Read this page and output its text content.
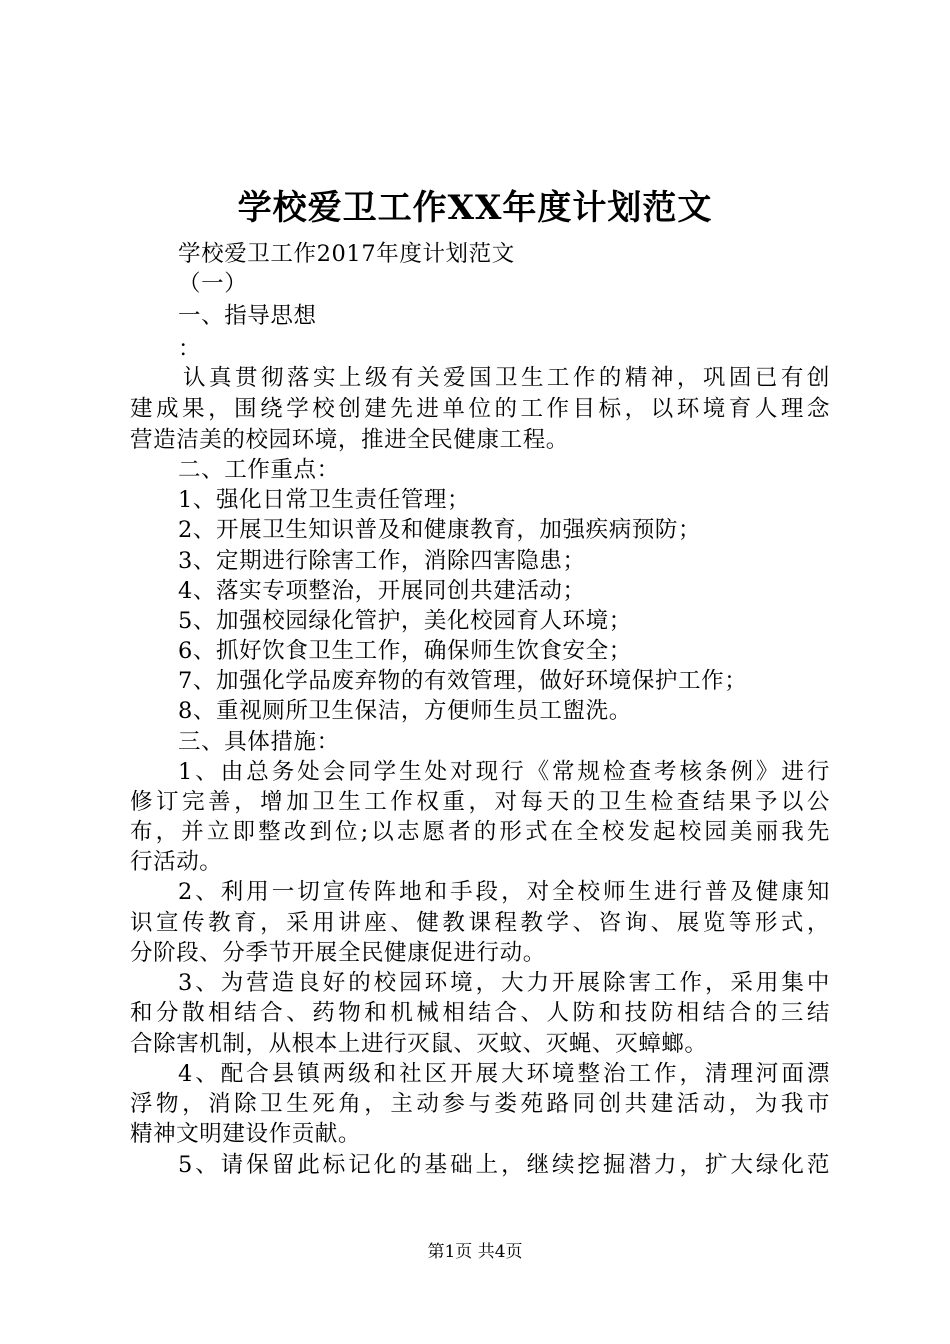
学校爱卫工作XX年度计划范文
学校爱卫工作2017年度计划范文
（一）
一、指导思想
：
认真贯彻落实上级有关爱国卫生工作的精神，巩固已有创
建成果，围绕学校创建先进单位的工作目标，以环境育人理念
营造洁美的校园环境，推进全民健康工程。
二、工作重点：
1、强化日常卫生责任管理；
2、开展卫生知识普及和健康教育，加强疾病预防；
3、定期进行除害工作，消除四害隐患；
4、落实专项整治，开展同创共建活动；
5、加强校园绿化管护，美化校园育人环境；
6、抓好饮食卫生工作，确保师生饮食安全；
7、加强化学品废弃物的有效管理，做好环境保护工作；
8、重视厕所卫生保洁，方便师生员工盥洗。
三、具体措施：
1、由总务处会同学生处对现行《常规检查考核条例》进行
修订完善，增加卫生工作权重，对每天的卫生检查结果予以公
布，并立即整改到位;以志愿者的形式在全校发起校园美丽我先
行活动。
2、利用一切宣传阵地和手段，对全校师生进行普及健康知
识宣传教育，采用讲座、健教课程教学、咨询、展览等形式，
分阶段、分季节开展全民健康促进行动。
3、为营造良好的校园环境，大力开展除害工作，采用集中
和分散相结合、药物和机械相结合、人防和技防相结合的三结
合除害机制，从根本上进行灭鼠、灭蚊、灭蝇、灭蟑螂。
4、配合县镇两级和社区开展大环境整治工作，清理河面漂
浮物，消除卫生死角，主动参与娄苑路同创共建活动，为我市
精神文明建设作贡献。
5、请保留此标记化的基础上，继续挖掘潜力，扩大绿化范
第1页 共4页
